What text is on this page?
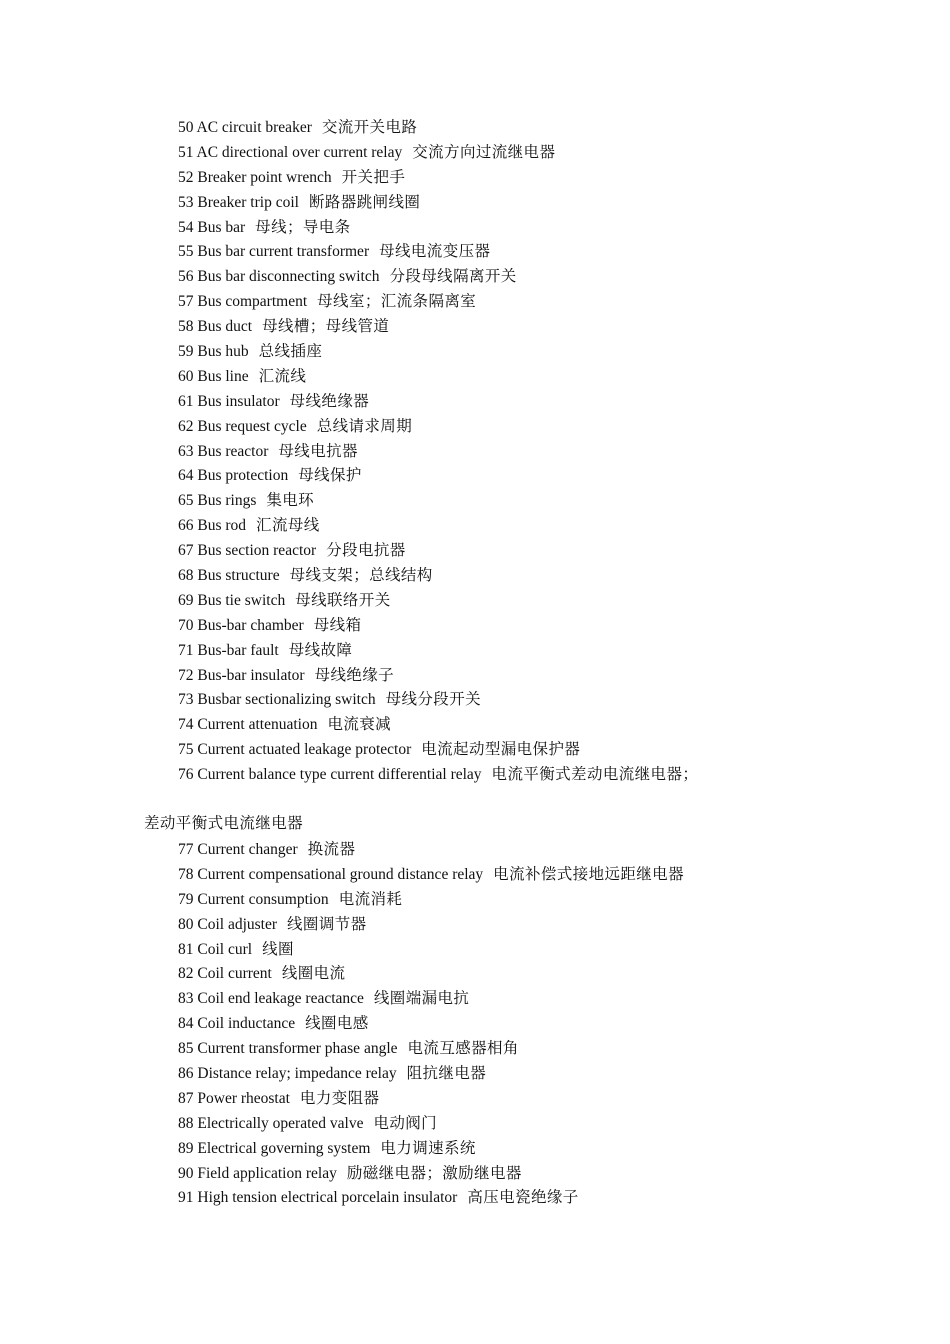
50 AC circuit breaker 交流开关电路
51 AC directional over current relay 交流方向过流继电器
52 Breaker point wrench 开关把手
53 Breaker trip coil 断路器跳闸线圈
54 Bus bar 母线；导电条
55 Bus bar current transformer 母线电流变压器
56 Bus bar disconnecting switch 分段母线隔离开关
57 Bus compartment 母线室；汇流条隔离室
58 Bus duct 母线槽；母线管道
59 Bus hub 总线插座
60 Bus line 汇流线
61 Bus insulator 母线绝缘器
62 Bus request cycle 总线请求周期
63 Bus reactor 母线电抗器
64 Bus protection 母线保护
65 Bus rings 集电环
66 Bus rod 汇流母线
67 Bus section reactor 分段电抗器
68 Bus structure 母线支架；总线结构
69 Bus tie switch 母线联络开关
70 Bus-bar chamber 母线箱
71 Bus-bar fault 母线故障
72 Bus-bar insulator 母线绝缘子
73 Busbar sectionalizing switch 母线分段开关
74 Current attenuation 电流衰减
75 Current actuated leakage protector 电流起动型漏电保护器
76 Current balance type current differential relay 电流平衡式差动电流继电器；
差动平衡式电流继电器
77 Current changer 换流器
78 Current compensational ground distance relay 电流补偿式接地远距继电器
79 Current consumption 电流消耗
80 Coil adjuster 线圈调节器
81 Coil curl 线圈
82 Coil current 线圈电流
83 Coil end leakage reactance 线圈端漏电抗
84 Coil inductance 线圈电感
85 Current transformer phase angle 电流互感器相角
86 Distance relay; impedance relay 阻抗继电器
87 Power rheostat 电力变阻器
88 Electrically operated valve 电动阀门
89 Electrical governing system 电力调速系统
90 Field application relay 励磁继电器；激励继电器
91 High tension electrical porcelain insulator 高压电瓷绝缘子
